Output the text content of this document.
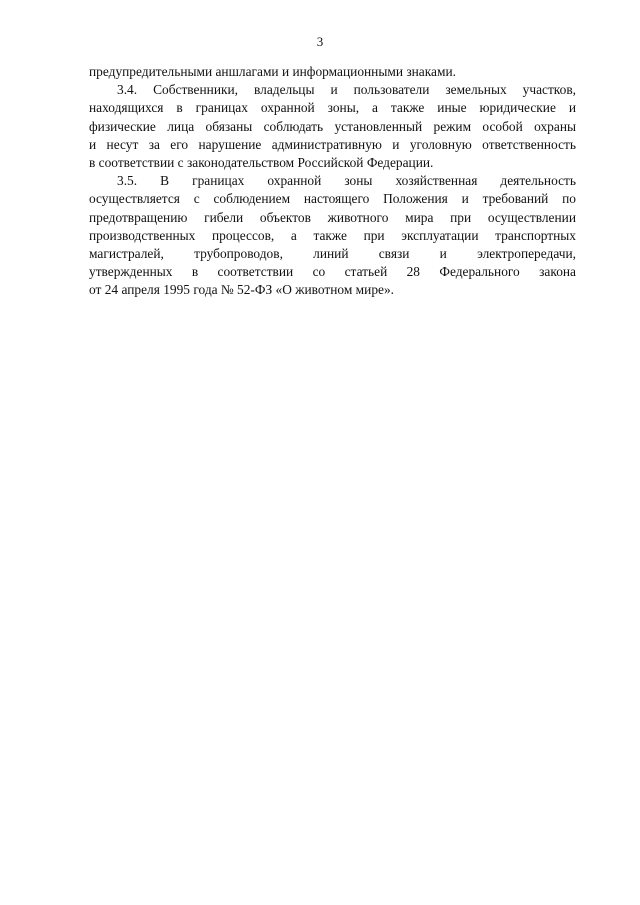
3
предупредительными аншлагами и информационными знаками.
3.4. Собственники, владельцы и пользователи земельных участков,
находящихся в границах охранной зоны, а также иные юридические и
физические лица обязаны соблюдать установленный режим особой охраны
и несут за его нарушение административную и уголовную ответственность
в соответствии с законодательством Российской Федерации.
3.5. В границах охранной зоны хозяйственная деятельность
осуществляется с соблюдением настоящего Положения и требований по
предотвращению гибели объектов животного мира при осуществлении
производственных процессов, а также при эксплуатации транспортных
магистралей, трубопроводов, линий связи и электропередачи,
утвержденных в соответствии со статьей 28 Федерального закона
от 24 апреля 1995 года № 52-ФЗ «О животном мире».
